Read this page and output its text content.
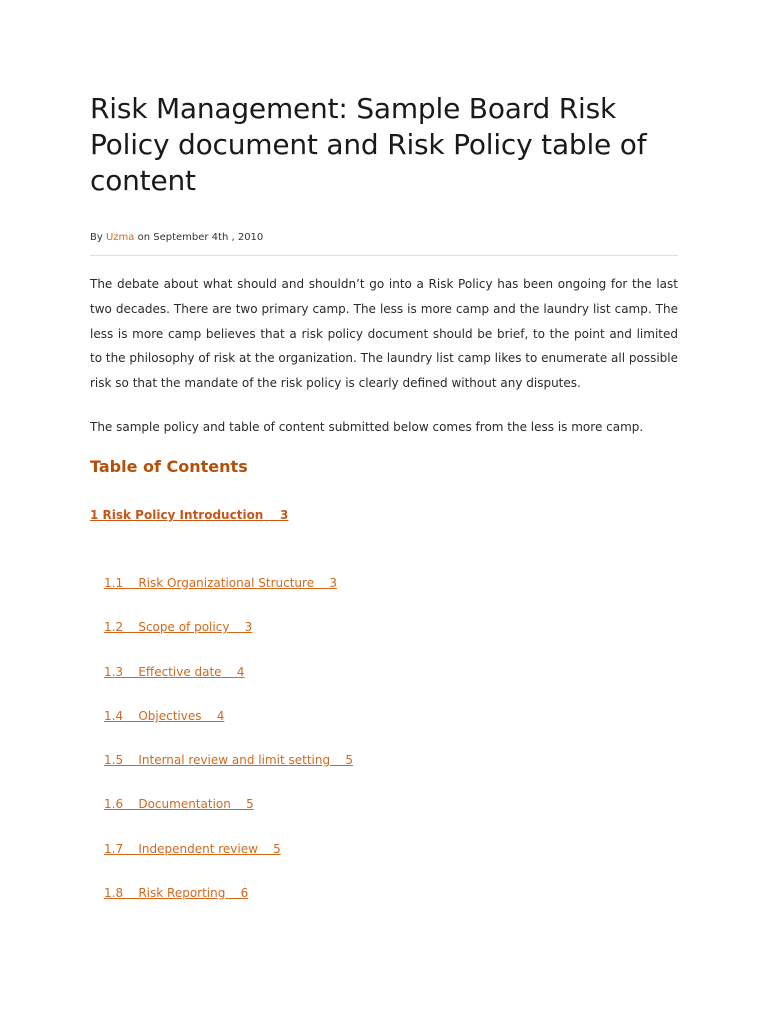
Risk Management: Sample Board Risk Policy document and Risk Policy table of content
By Uzma on September 4th , 2010

The debate about what should and shouldn’t go into a Risk Policy has been ongoing for the last two decades. There are two primary camp. The less is more camp and the laundry list camp. The less is more camp believes that a risk policy document should be brief, to the point and limited to the philosophy of risk at the organization. The laundry list camp likes to enumerate all possible risk so that the mandate of the risk policy is clearly defined without any disputes.

The sample policy and table of content submitted below comes from the less is more camp.

Table of Contents
1 Risk Policy Introduction    3
1.1    Risk Organizational Structure    3
1.2    Scope of policy    3
1.3    Effective date    4
1.4    Objectives    4
1.5    Internal review and limit setting    5
1.6    Documentation    5
1.7    Independent review    5
1.8    Risk Reporting    6
